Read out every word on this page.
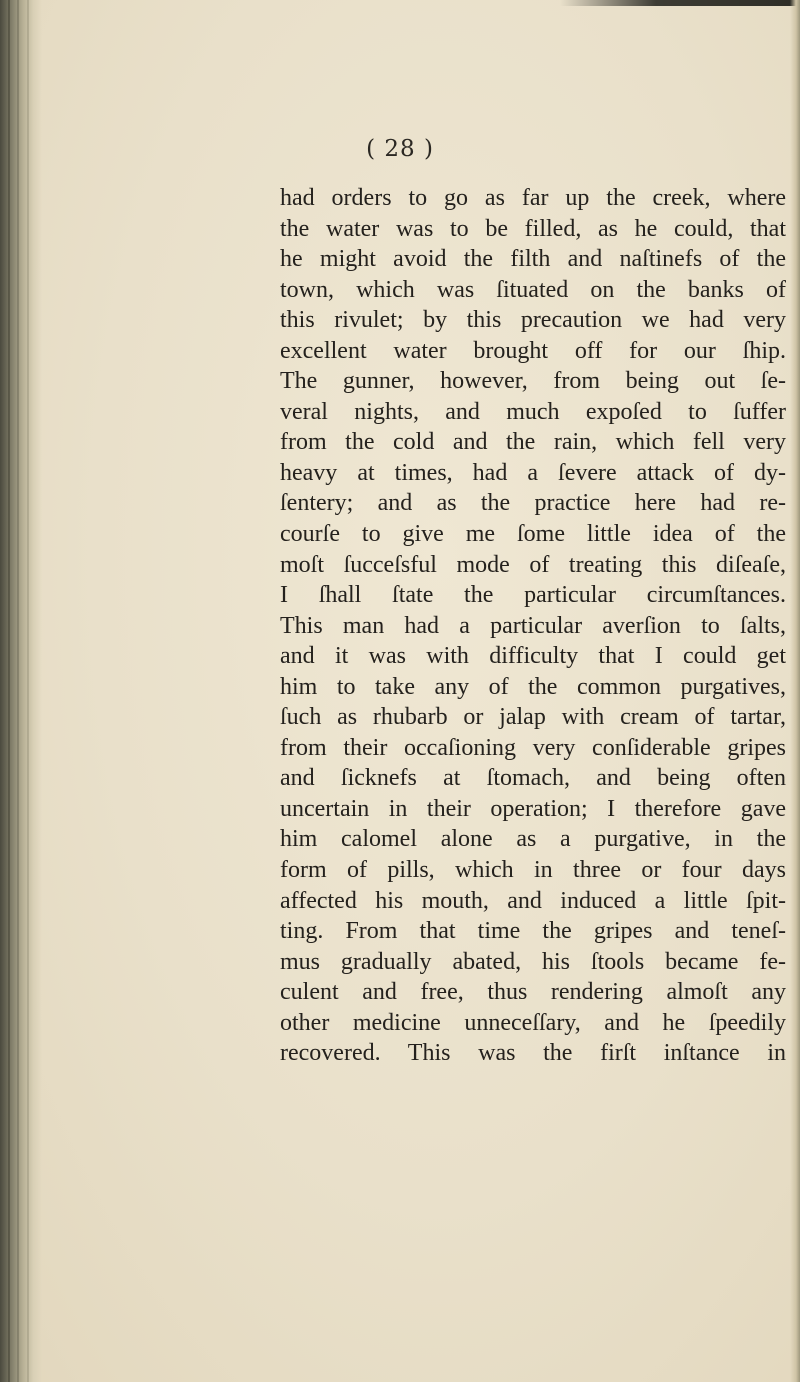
( 28 )
had orders to go as far up the creek, where
the water was to be filled, as he could, that
he might avoid the filth and naſtinefs of the
town, which was ſituated on the banks of
this rivulet; by this precaution we had very
excellent water brought off for our ſhip.
The gunner, however, from being out ſe-
veral nights, and much expoſed to ſuffer
from the cold and the rain, which fell very
heavy at times, had a ſevere attack of dy-
ſentery; and as the practice here had re-
courſe to give me ſome little idea of the
moſt ſucceſsful mode of treating this diſeaſe,
I ſhall ſtate the particular circumſtances.
This man had a particular averſion to ſalts,
and it was with difficulty that I could get
him to take any of the common purgatives,
ſuch as rhubarb or jalap with cream of tartar,
from their occaſioning very conſiderable gripes
and ſicknefs at ſtomach, and being often
uncertain in their operation; I therefore gave
him calomel alone as a purgative, in the
form of pills, which in three or four days
affected his mouth, and induced a little ſpit-
ting. From that time the gripes and teneſ-
mus gradually abated, his ſtools became fe-
culent and free, thus rendering almoſt any
other medicine unneceſſary, and he ſpeedily
recovered. This was the firſt inſtance in
